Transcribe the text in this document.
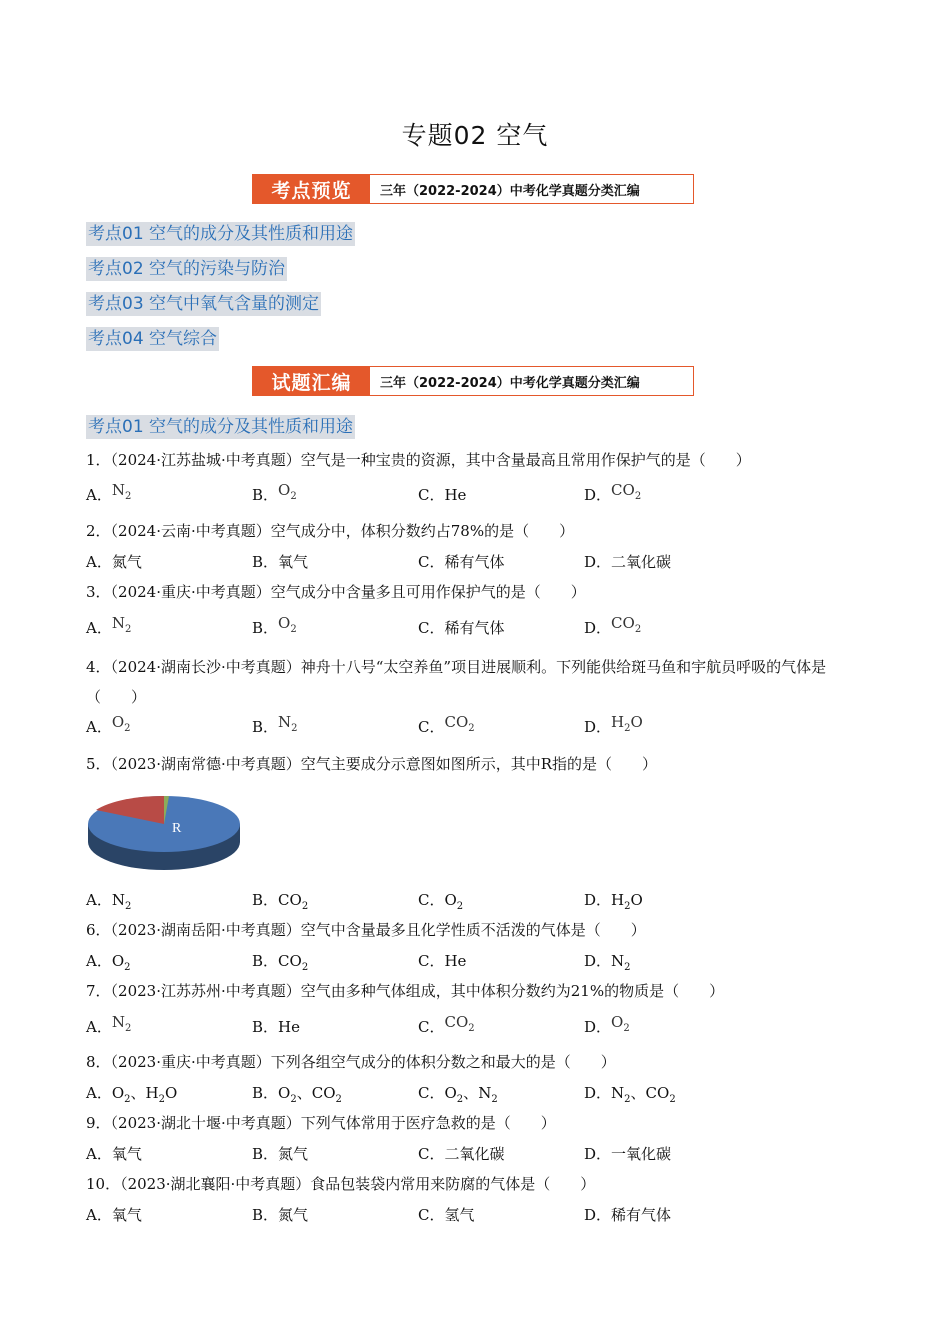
专题02 空气
考点预览	三年（2022-2024）中考化学真题分类汇编
考点01 空气的成分及其性质和用途
考点02 空气的污染与防治
考点03 空气中氧气含量的测定
考点04 空气综合
试题汇编	三年（2022-2024）中考化学真题分类汇编
考点01 空气的成分及其性质和用途
1．（2024·江苏盐城·中考真题）空气是一种宝贵的资源，其中含量最高且常用作保护气的是（　　）
A．$N_2$	B．$O_2$	C．He	D．$CO_2$
2．（2024·云南·中考真题）空气成分中，体积分数约占78%的是（　　）
A．氮气	B．氧气	C．稀有气体	D．二氧化碳
3．（2024·重庆·中考真题）空气成分中含量多且可用作保护气的是（　　）
A．$N_2$	B．$O_2$	C．稀有气体	D．$CO_2$
4．（2024·湖南长沙·中考真题）神舟十八号“太空养鱼”项目进展顺利。下列能供给斑马鱼和宇航员呼吸的气体是（　　）
A．$O_2$	B．$N_2$	C．$CO_2$	D．$H_2O$
5．（2023·湖南常德·中考真题）空气主要成分示意图如图所示，其中R指的是（　　）
R
A．$N_2$	B．$CO_2$	C．$O_2$	D．$H_2O$
6．（2023·湖南岳阳·中考真题）空气中含量最多且化学性质不活泼的气体是（　　）
A．$O_2$	B．$CO_2$	C．He	D．$N_2$
7．（2023·江苏苏州·中考真题）空气由多种气体组成，其中体积分数约为21%的物质是（　　）
A．$N_2$	B．He	C．$CO_2$	D．$O_2$
8．（2023·重庆·中考真题）下列各组空气成分的体积分数之和最大的是（　　）
A．$O_2$、$H_2O$	B．$O_2$、$CO_2$	C．$O_2$、$N_2$	D．$N_2$、$CO_2$
9．（2023·湖北十堰·中考真题）下列气体常用于医疗急救的是（　　）
A．氧气	B．氮气	C．二氧化碳	D．一氧化碳
10．（2023·湖北襄阳·中考真题）食品包装袋内常用来防腐的气体是（　　）
A．氧气	B．氮气	C．氢气	D．稀有气体
